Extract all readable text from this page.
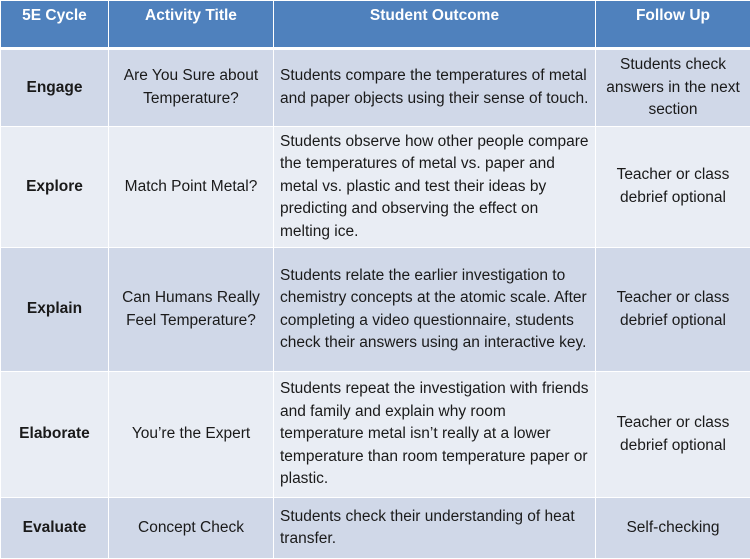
5E Cycle	Activity Title	Student Outcome	Follow Up
Engage	Are You Sure about Temperature?	Students compare the temperatures of metal and paper objects using their sense of touch.	Students check answers in the next section
Explore	Match Point Metal?	Students observe how other people compare the temperatures of metal vs. paper and metal vs. plastic and test their ideas by predicting and observing the effect on melting ice.	Teacher or class debrief optional
Explain	Can Humans Really Feel Temperature?	Students relate the earlier investigation to chemistry concepts at the atomic scale. After completing a video questionnaire, students check their answers using an interactive key.	Teacher or class debrief optional
Elaborate	You’re the Expert	Students repeat the investigation with friends and family and explain why room temperature metal isn’t really at a lower temperature than room temperature paper or plastic.	Teacher or class debrief optional
Evaluate	Concept Check	Students check their understanding of heat transfer.	Self-checking
